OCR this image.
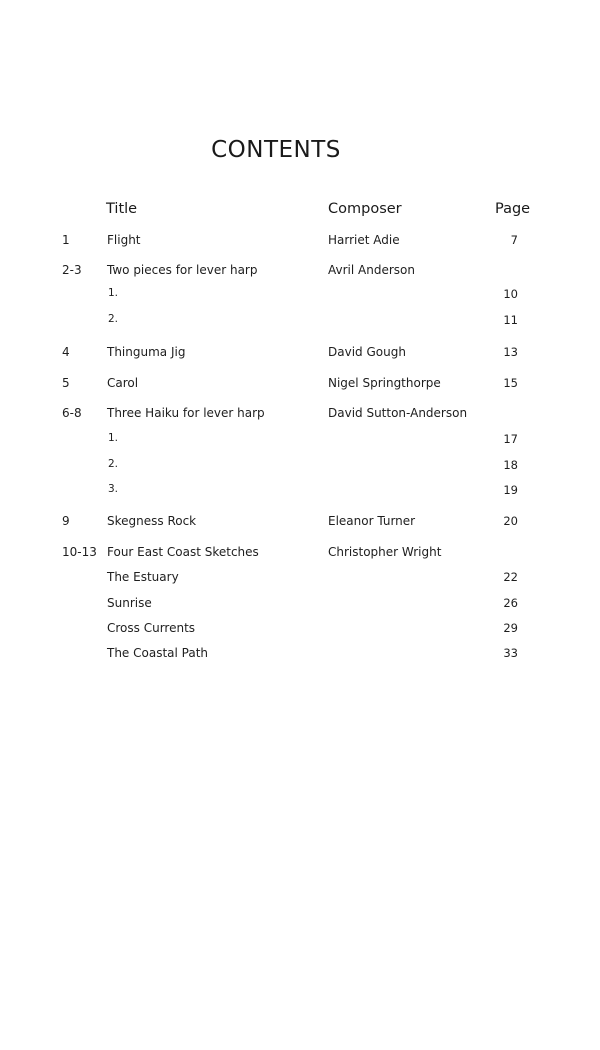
CONTENTS
Title	Composer	Page
1	Flight	Harriet Adie	7
2-3 Two pieces for lever harp	Avril Anderson
1.	10
2.	11
4	Thinguma Jig	David Gough	13
5	Carol	Nigel Springthorpe	15
6-8 Three Haiku for lever harp	David Sutton-Anderson
1.	17
2.	18
3.	19
9	Skegness Rock	Eleanor Turner	20
10-13 Four East Coast Sketches	Christopher Wright
The Estuary	22
Sunrise	26
Cross Currents	29
The Coastal Path	33
